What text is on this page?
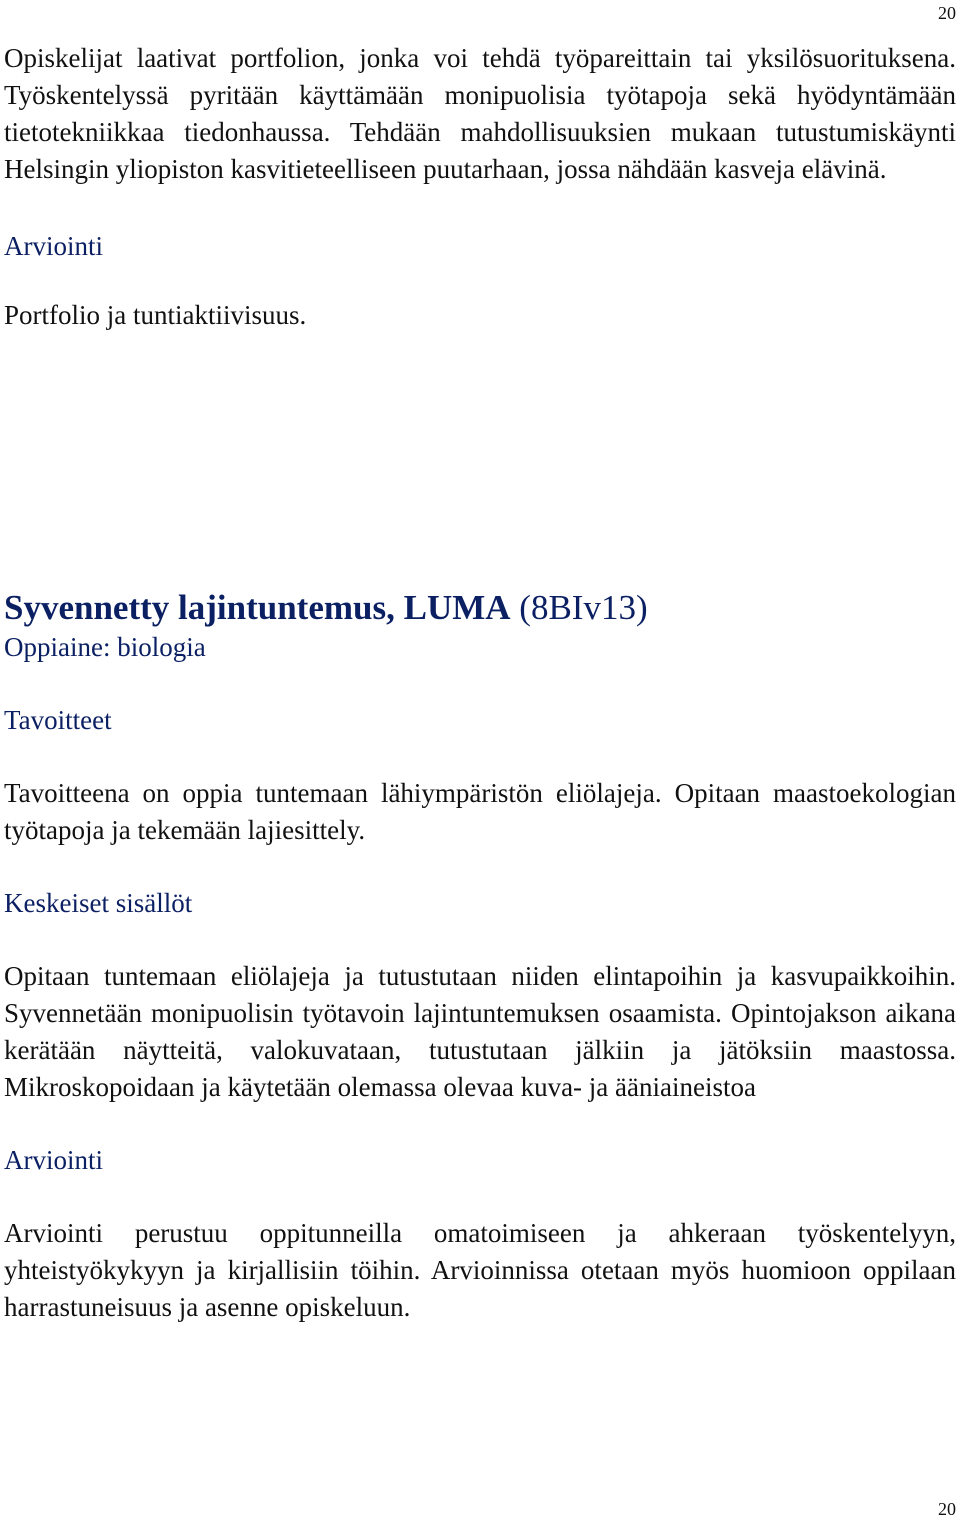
20

Opiskelijat laativat portfolion, jonka voi tehdä työpareittain tai yksilösuorituksena. Työskentelyssä pyritään käyttämään monipuolisia työtapoja sekä hyödyntämään tietotekniikkaa tiedonhaussa. Tehdään mahdollisuuksien mukaan tutustumiskäynti Helsingin yliopiston kasvitieteelliseen puutarhaan, jossa nähdään kasveja elävinä.

Arviointi

Portfolio ja tuntiaktiivisuus.

Syvennetty lajintuntemus, LUMA (8BIv13)

Oppiaine: biologia

Tavoitteet

Tavoitteena on oppia tuntemaan lähiympäristön eliölajeja. Opitaan maastoekologian työtapoja ja tekemään lajiesittely.

Keskeiset sisällöt

Opitaan tuntemaan eliölajeja ja tutustutaan niiden elintapoihin ja kasvupaikkoihin. Syvennetään monipuolisin työtavoin lajintuntemuksen osaamista. Opintojakson aikana kerätään näytteitä, valokuvataan, tutustutaan jälkiin ja jätöksiin maastossa. Mikroskopoidaan ja käytetään olemassa olevaa kuva- ja ääniaineistoa

Arviointi

Arviointi perustuu oppitunneilla omatoimiseen ja ahkeraan työskentelyyn, yhteistyökykyyn ja kirjallisiin töihin. Arvioinnissa otetaan myös huomioon oppilaan harrastuneisuus ja asenne opiskeluun.

20
